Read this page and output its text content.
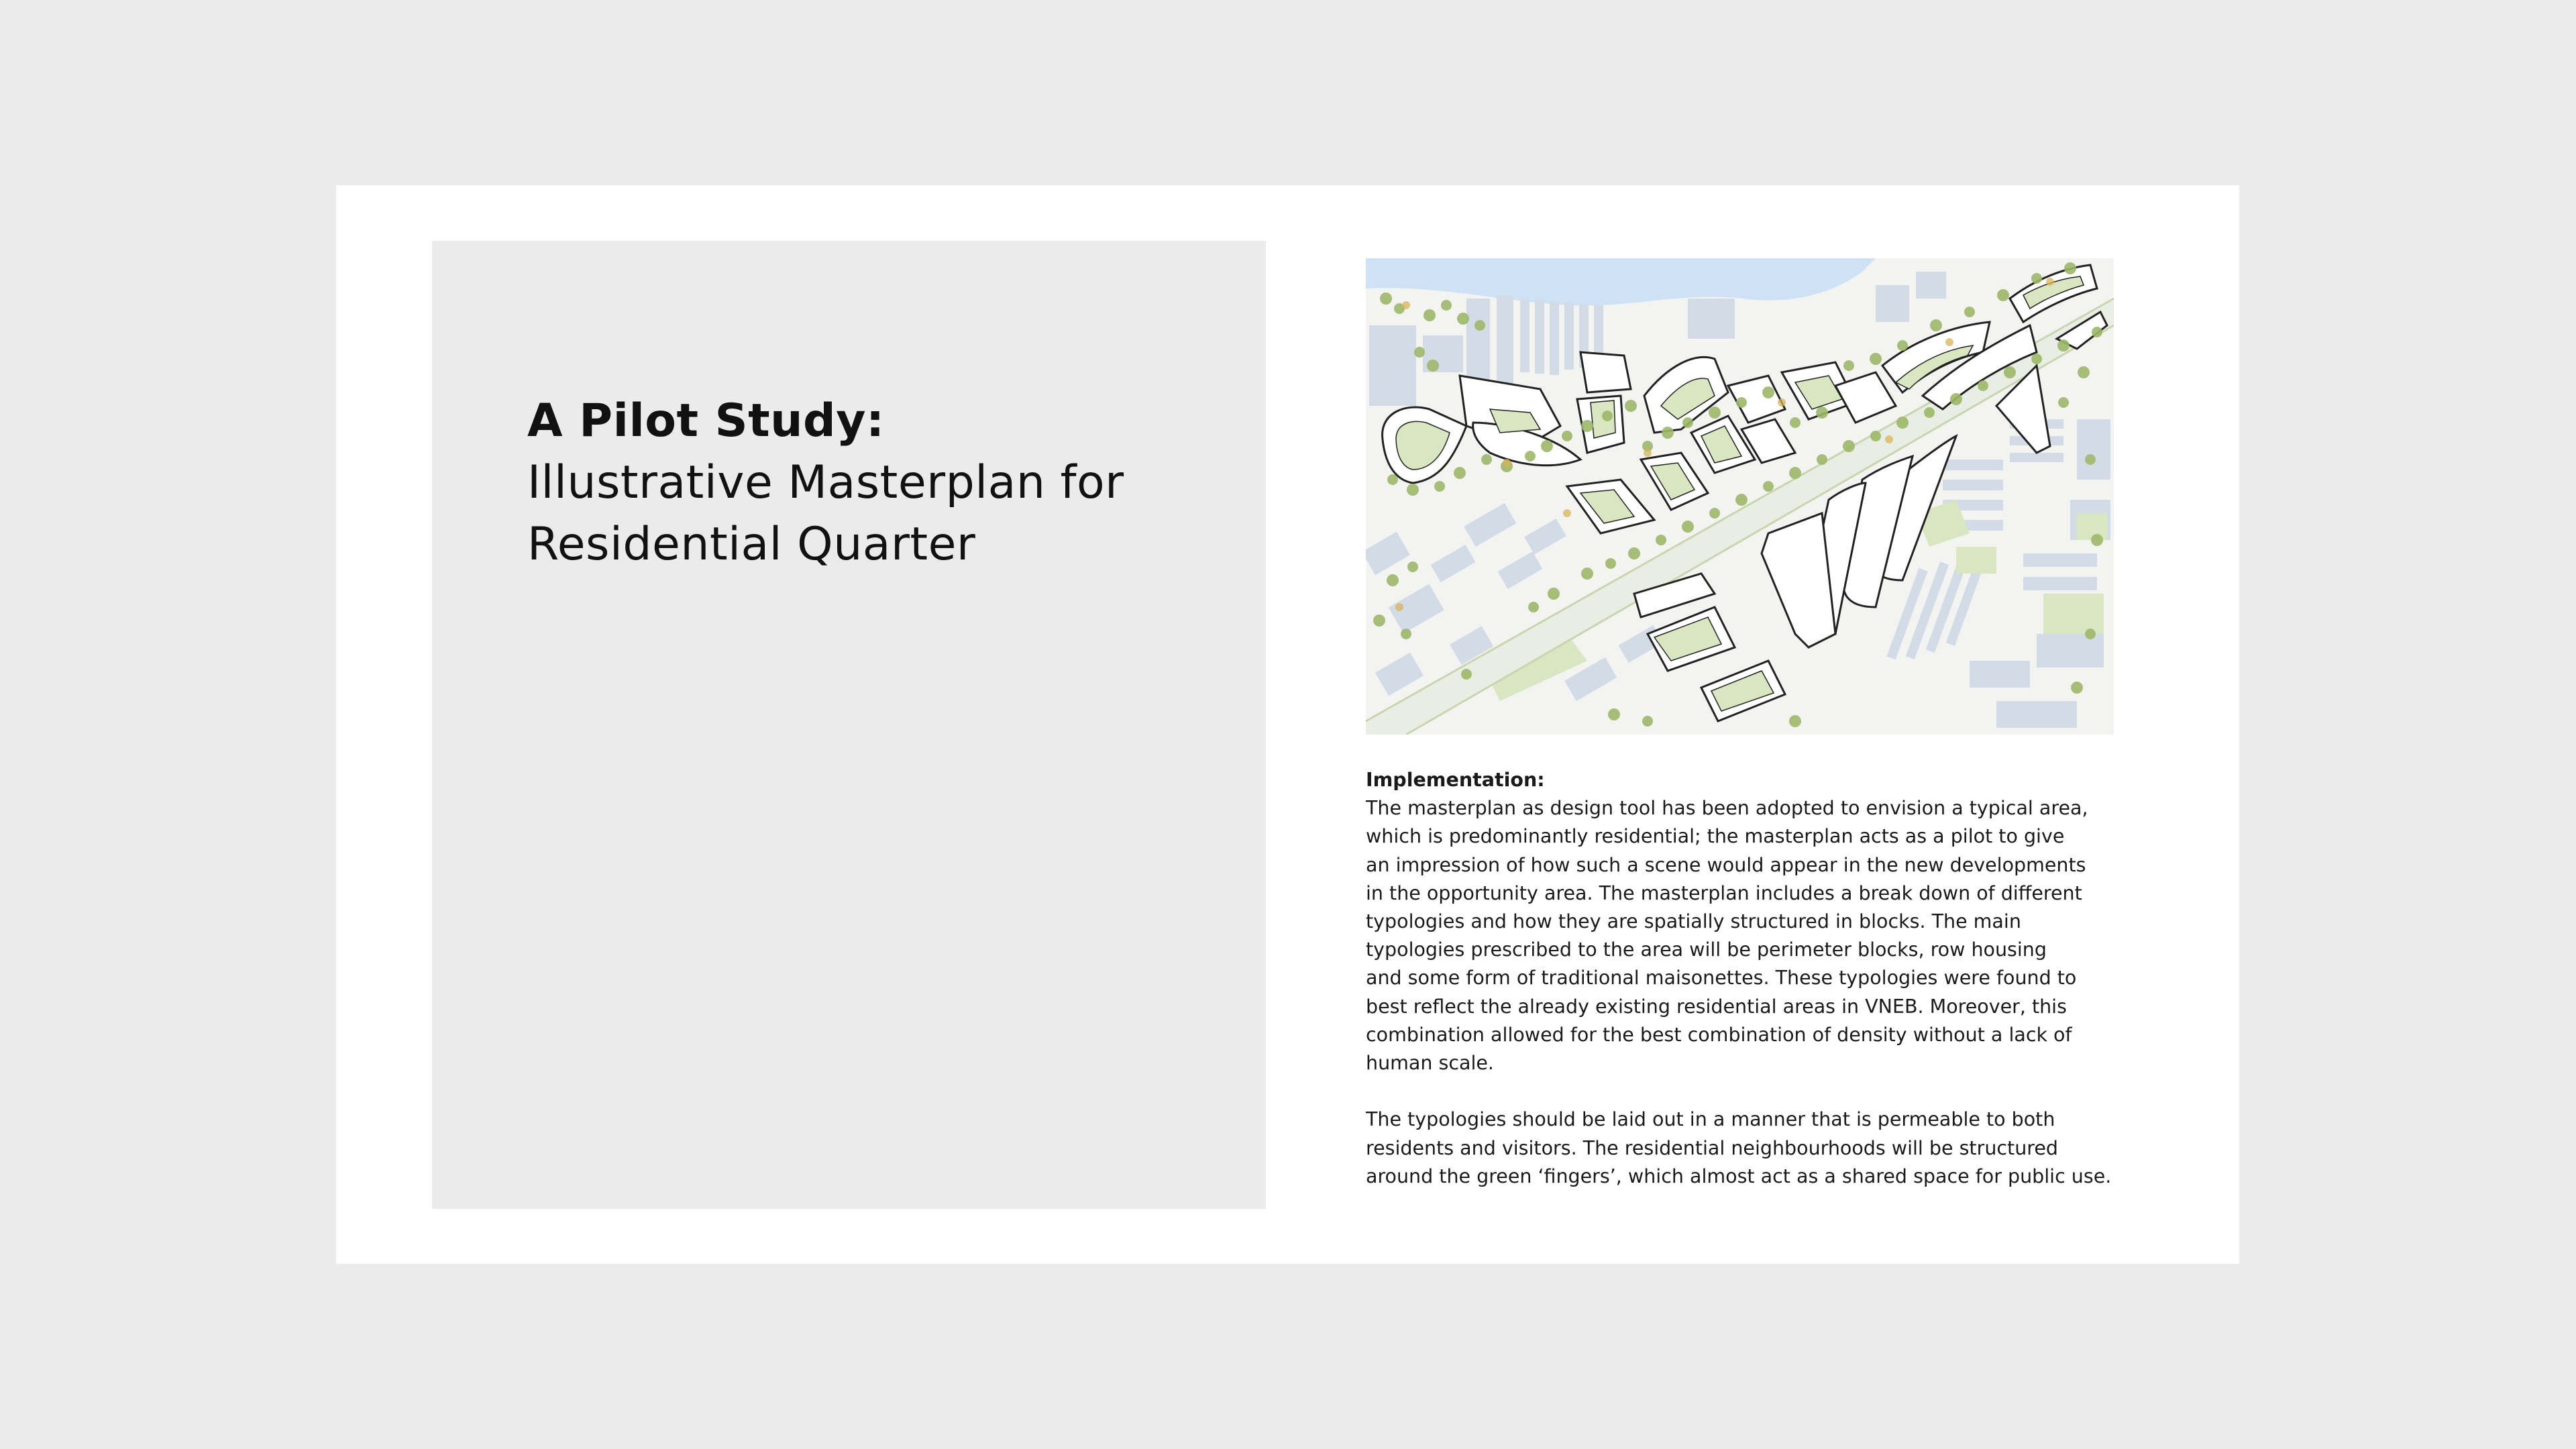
A Pilot Study:
Illustrative Masterplan for
Residential Quarter
Implementation:
The masterplan as design tool has been adopted to envision a typical area,
which is predominantly residential; the masterplan acts as a pilot to give
an impression of how such a scene would appear in the new developments
in the opportunity area. The masterplan includes a break down of different
typologies and how they are spatially structured in blocks. The main
typologies prescribed to the area will be perimeter blocks, row housing
and some form of traditional maisonettes. These typologies were found to
best reflect the already existing residential areas in VNEB. Moreover, this
combination allowed for the best combination of density without a lack of
human scale.
The typologies should be laid out in a manner that is permeable to both
residents and visitors. The residential neighbourhoods will be structured
around the green ‘fingers’, which almost act as a shared space for public use.
